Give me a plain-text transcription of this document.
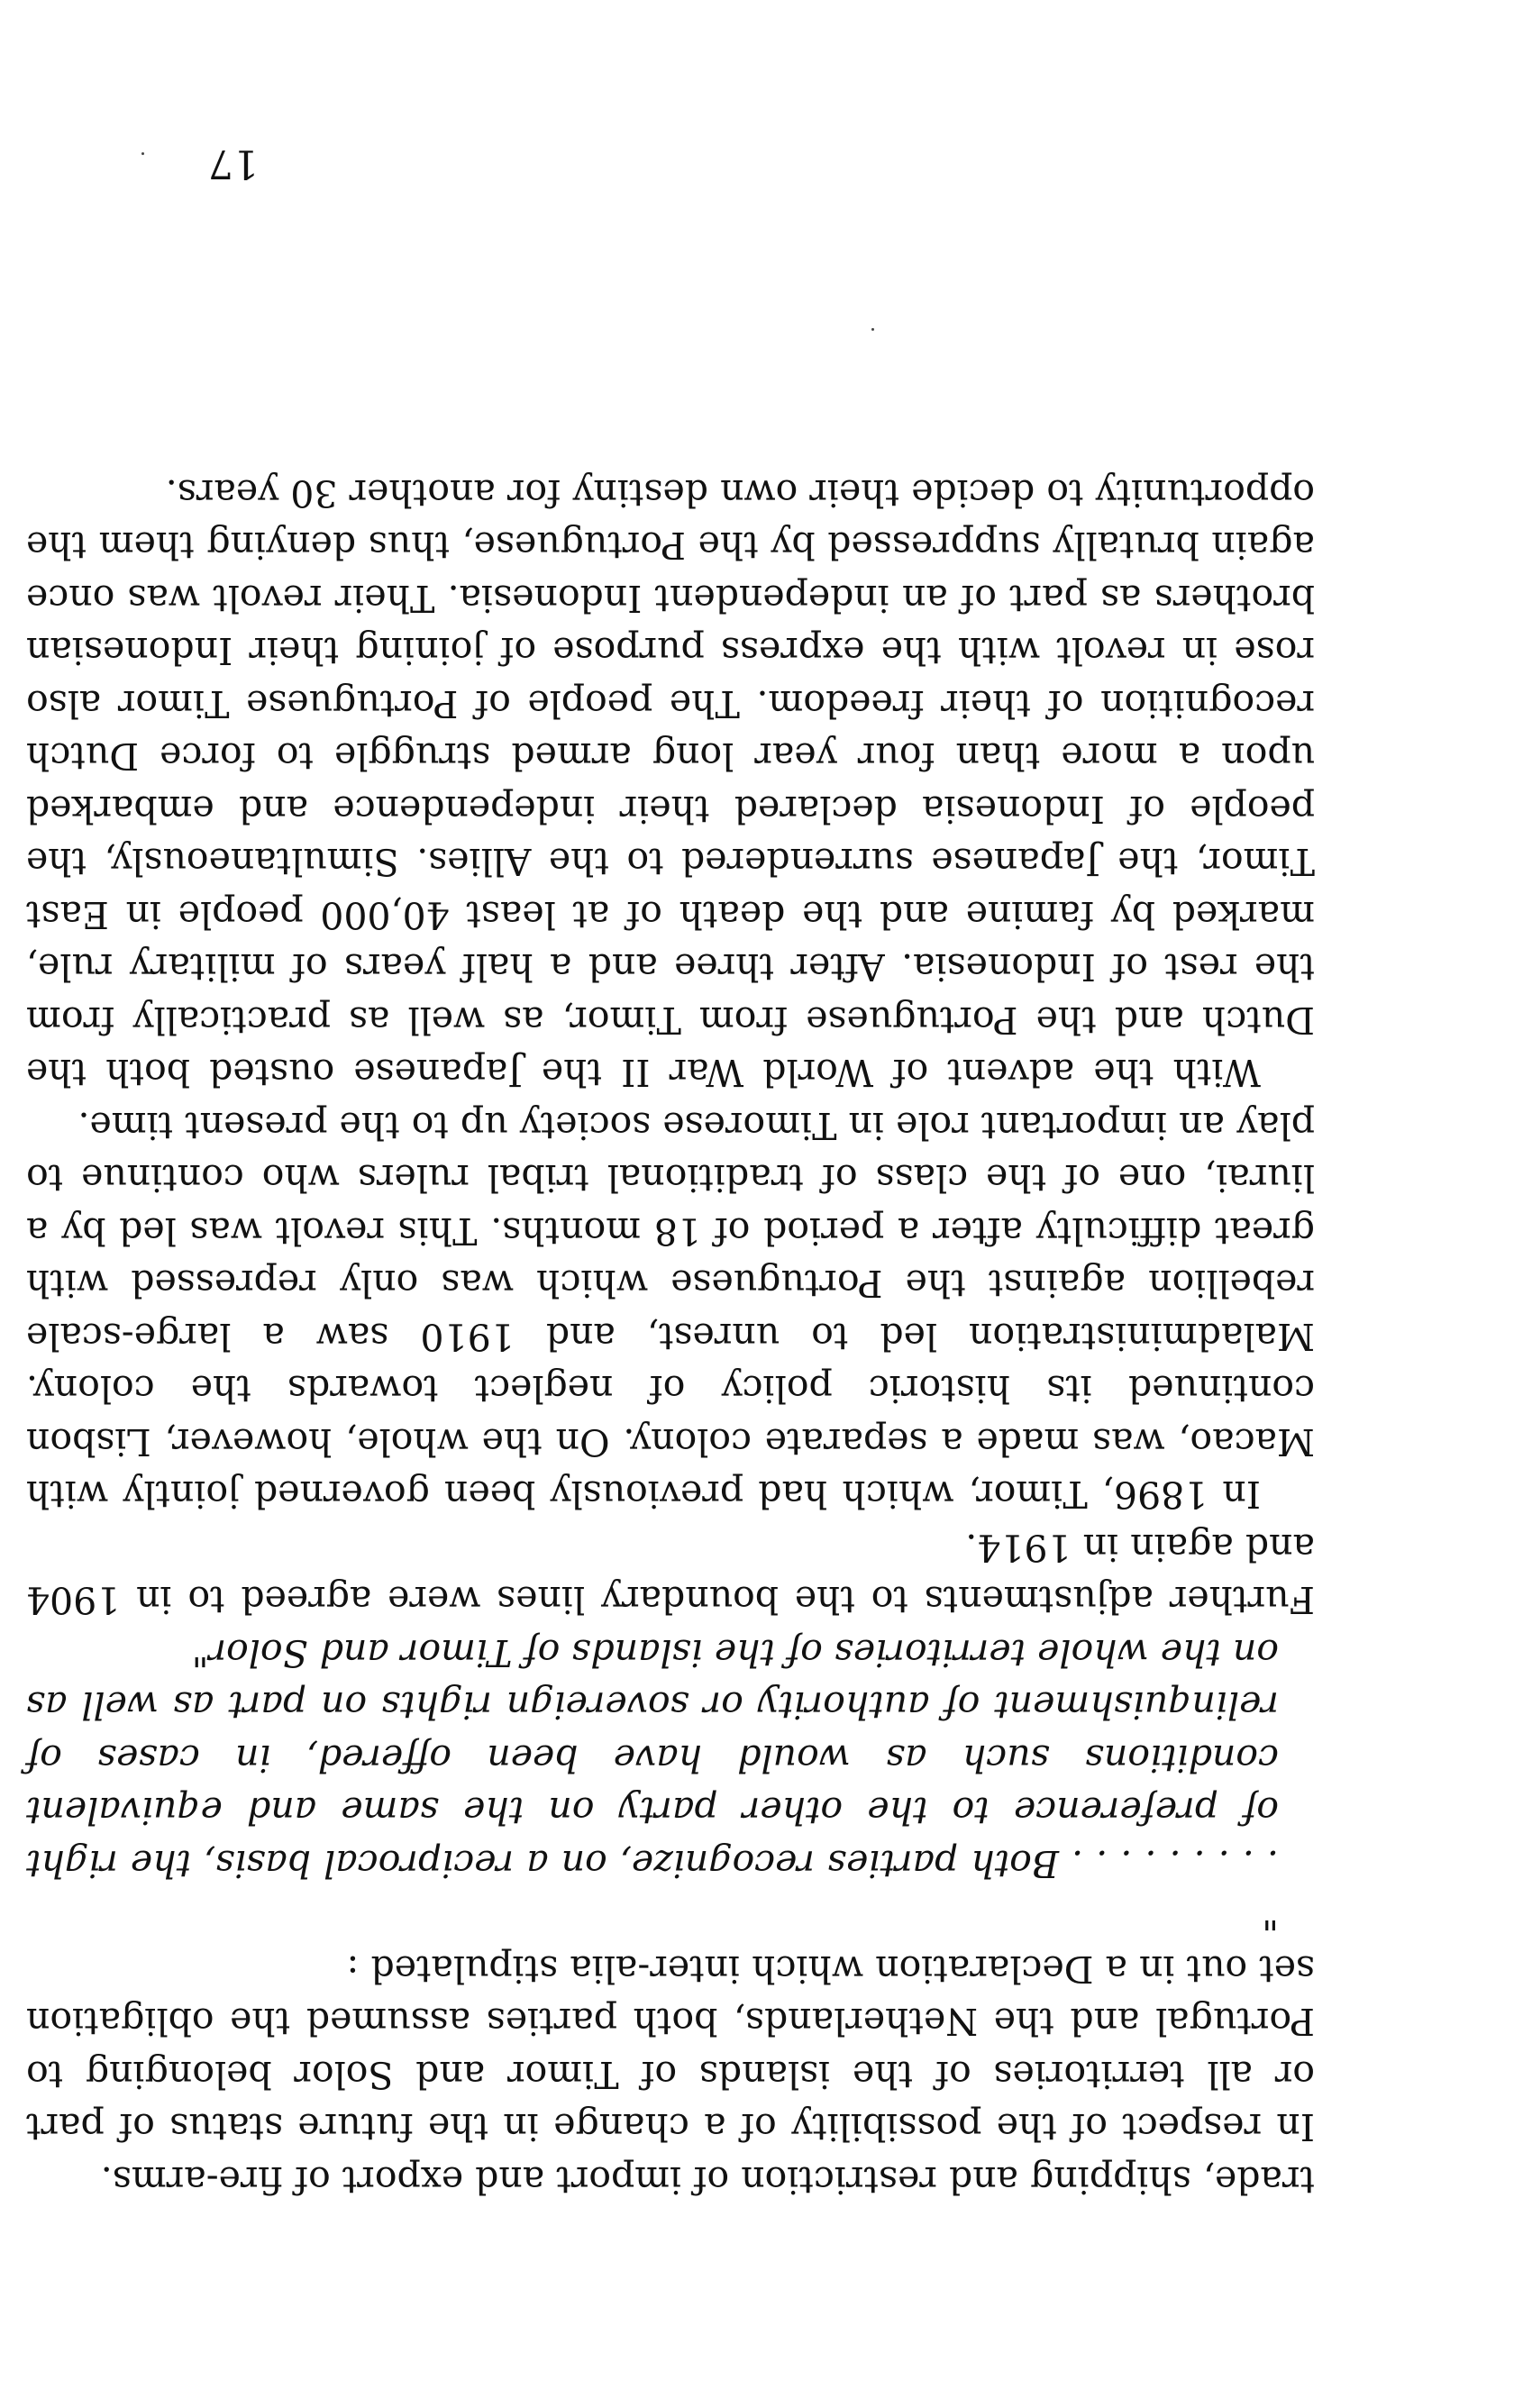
trade, shipping and restriction of import and export of fire-arms.

In respect of the possibility of a change in the future status of part or all territories of the islands of Timor and Solor belonging to Portugal and the Netherlands, both parties assumed the obligation set out in a Declaration which inter-alia stipulated :

"

. . . . . . . . . Both parties recognize, on a reciprocal basis, the right of preference to the other party on the same and equivalent conditions such as would have been offered, in cases of relinquishment of authority or sovereign rights on part as well as on the whole territories of the islands of Timor and Solor"

Further adjustments to the boundary lines were agreed to in 1904 and again in 1914.

In 1896, Timor, which had previously been governed jointly with Macao, was made a separate colony. On the whole, however, Lisbon continued its historic policy of neglect towards the colony. Maladministration led to unrest, and 1910 saw a large-scale rebellion against the Portuguese which was only repressed with great difficulty after a period of 18 months. This revolt was led by a liurai, one of the class of traditional tribal rulers who continue to play an important role in Timorese society up to the present time.

With the advent of World War II the Japanese ousted both the Dutch and the Portuguese from Timor, as well as practically from the rest of Indonesia. After three and a half years of military rule, marked by famine and the death of at least 40,000 people in East Timor, the Japanese surrendered to the Allies. Simultaneously, the people of Indonesia declared their independence and embarked upon a more than four year long armed struggle to force Dutch recognition of their freedom. The people of Portuguese Timor also rose in revolt with the express purpose of joining their Indonesian brothers as part of an independent Indonesia. Their revolt was once again brutally suppressed by the Portuguese, thus denying them the opportunity to decide their own destiny for another 30 years.

17
